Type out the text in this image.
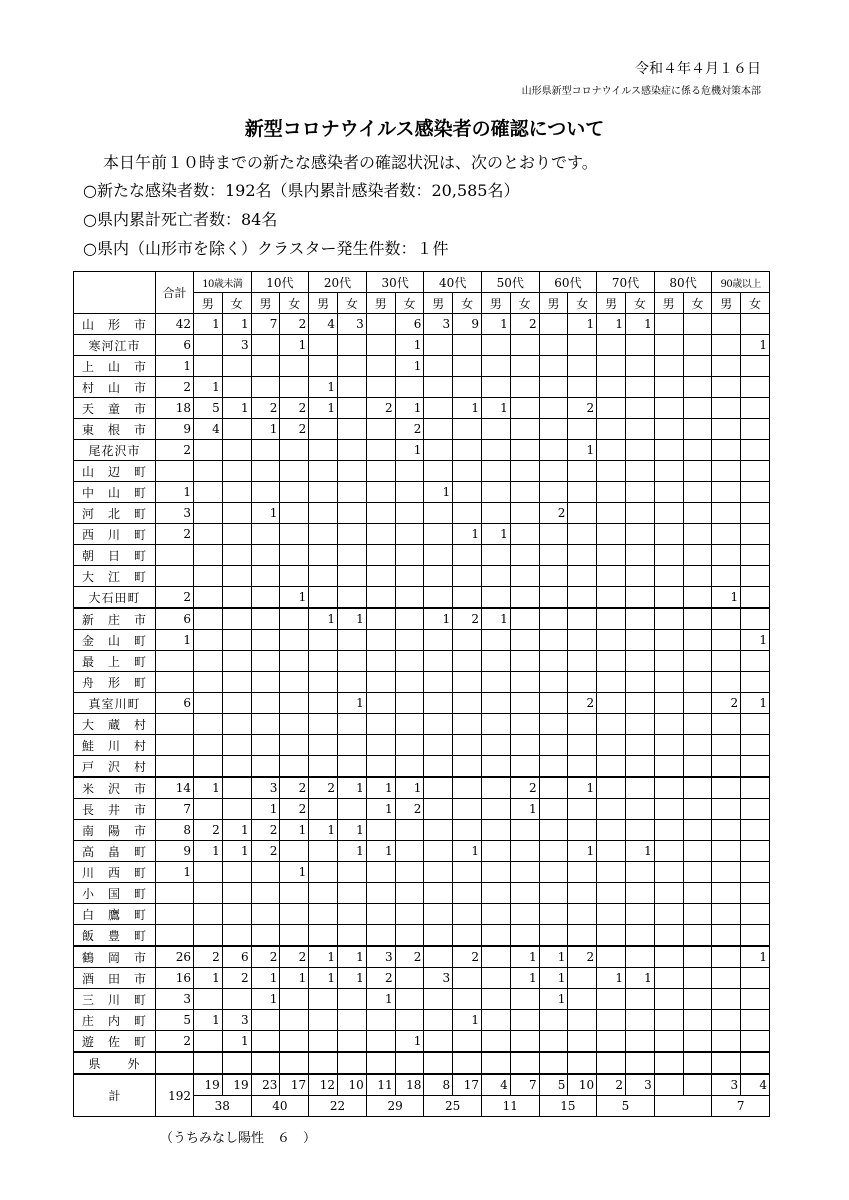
令和４年４月１６日
山形県新型コロナウイルス感染症に係る危機対策本部
新型コロナウイルス感染者の確認について
本日午前１０時までの新たな感染者の確認状況は、次のとおりです。
○新たな感染者数：192名（県内累計感染者数：20,585名）
○県内累計死亡者数：84名
○県内（山形市を除く）クラスター発生件数：１件
	合計	10歳未満		10代		20代		30代		40代		50代		60代		70代		80代		90歳以上	
		男	女	男	女	男	女	男	女	男	女	男	女	男	女	男	女	男	女	男	女
山　形　市	42	1	1	7	2	4	3		6	3	9	1	2		1	1	1				
寒河江市	6		3		1				1												1
上　山　市	1								1												
村　山　市	2	1				1															
天　童　市	18	5	1	2	2	1		2	1		1	1			2						
東　根　市	9	4		1	2				2												
尾花沢市	2								1						1						
山　辺　町																					
中　山　町	1									1											
河　北　町	3			1										2							
西　川　町	2										1	1									
朝　日　町																					
大　江　町																					
大石田町	2				1															1	
新　庄　市	6					1	1			1	2	1									
金　山　町	1																				1
最　上　町																					
舟　形　町																					
真室川町	6						1								2					2	1
大　蔵　村																					
鮭　川　村																					
戸　沢　村																					
米　沢　市	14	1		3	2	2	1	1	1				2		1						
長　井　市	7			1	2			1	2				1								
南　陽　市	8	2	1	2	1	1	1														
高　畠　町	9	1	1	2			1	1			1				1		1				
川　西　町	1				1																
小　国　町																					
白　鷹　町																					
飯　豊　町																					
鶴　岡　市	26	2	6	2	2	1	1	3	2		2		1	1	2						1
酒　田　市	16	1	2	1	1	1	1	2		3			1	1		1	1				
三　川　町	3			1				1						1							
庄　内　町	5	1	3								1										
遊　佐　町	2		1						1												
県　　外																					
計	192	19	19	23	17	12	10	11	18	8	17	4	7	5	10	2	3			3	4
		38		40		22		29		25		11		15		5				7	
（うちみなし陽性　６　）
